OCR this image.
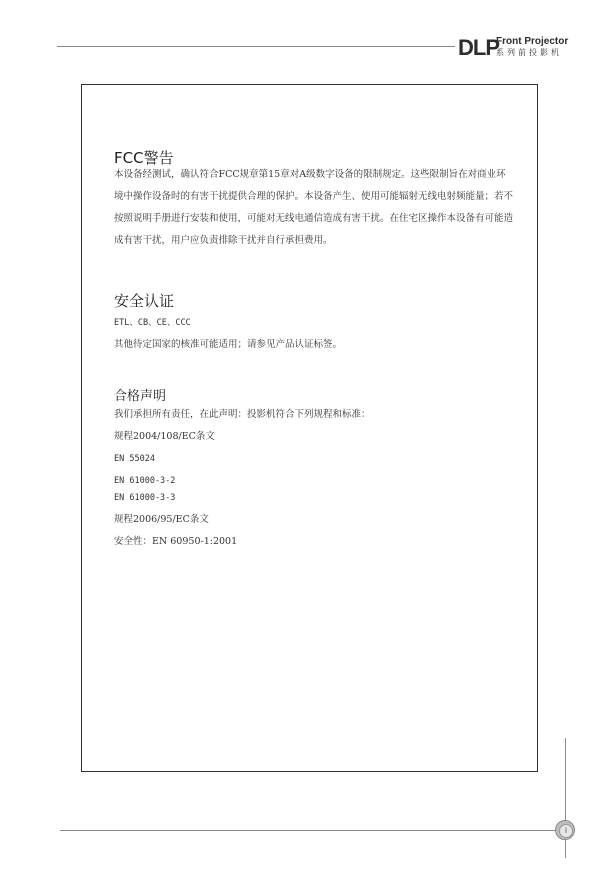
DLP
Front Projector
系列前投影机
FCC警告

本设备经测试，确认符合FCC规章第15章对A级数字设备的限制规定。这些限制旨在对商业环境中操作设备时的有害干扰提供合理的保护。本设备产生、使用可能辐射无线电射频能量；若不按照说明手册进行安装和使用，可能对无线电通信造成有害干扰。在住宅区操作本设备有可能造成有害干扰，用户应负责排除干扰并自行承担费用。

安全认证
ETL、CB、CE、CCC
其他待定国家的核准可能适用；请参见产品认证标签。
合格声明
我们承担所有责任，在此声明：投影机符合下列规程和标准：
规程2004/108/EC条文
EN 55024
EN 61000-3-2
EN 61000-3-3
规程2006/95/EC条文
安全性：EN 60950-1:2001
i
